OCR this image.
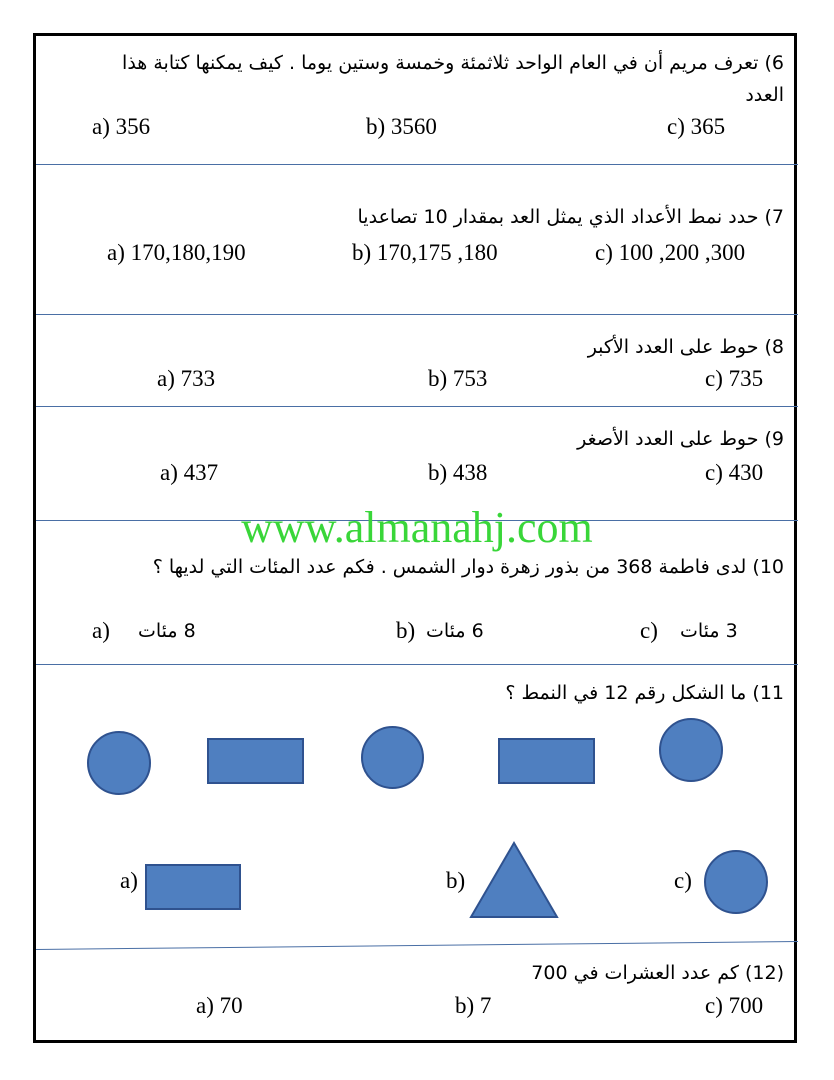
6) تعرف مريم أن في العام الواحد ثلاثمئة وخمسة وستين يوما . كيف يمكنها كتابة هذا
العدد
a) 356	b) 3560	c) 365
7) حدد نمط الأعداد الذي يمثل العد بمقدار 10 تصاعديا
a) 170,180,190	b) 170,175 ,180	c) 100 ,200 ,300
8) حوط على العدد الأكبر
a) 733	b) 753	c) 735
9) حوط على العدد الأصغر
a) 437	b) 438	c) 430
www.almanahj.com
10) لدى فاطمة 368 من بذور زهرة دوار الشمس . فكم عدد المئات التي لديها ؟
a) 8 مئات	b) 6 مئات	c) 3 مئات
11) ما الشكل رقم 12 في النمط ؟
a)	b)	c)
(12) كم عدد العشرات في 700
a) 70	b) 7	c) 700
